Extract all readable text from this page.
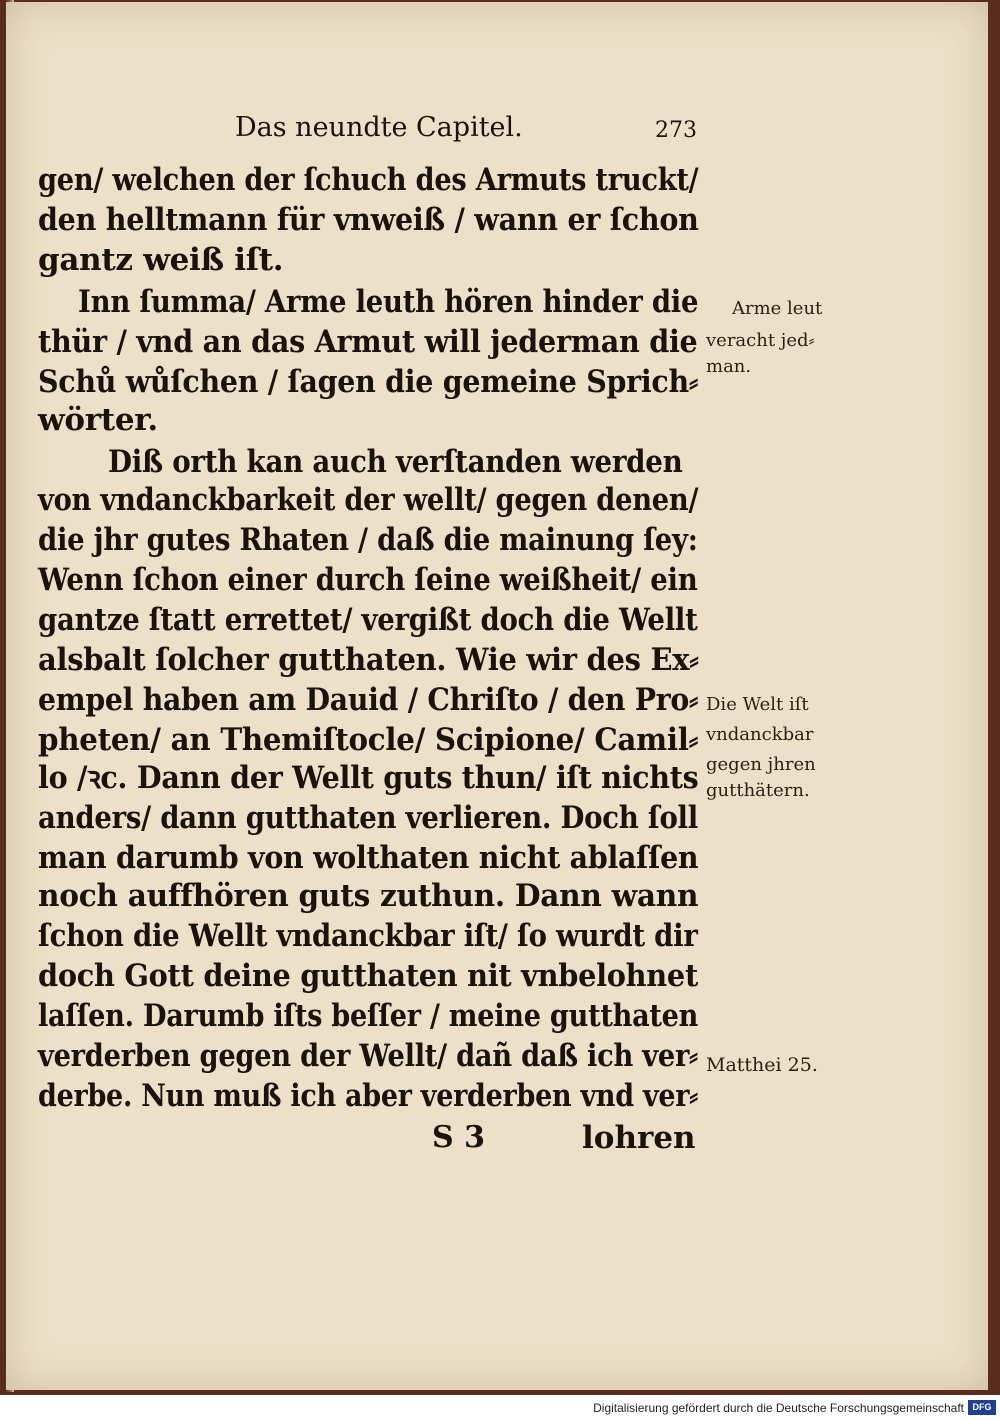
Das neundte Capitel.	273
gen/ welchen der ſchuch des Armuts truckt/
den helltmann für vnweiß / wann er ſchon
gantz weiß iſt.
Inn ſumma/ Arme leuth hören hinder die
thür / vnd an das Armut will jederman die
Schů wůſchen / ſagen die gemeine Sprich⸗
wörter.
Diß orth kan auch verſtanden werden
von vndanckbarkeit der wellt/ gegen denen/
die jhr gutes Rhaten / daß die mainung ſey:
Wenn ſchon einer durch ſeine weißheit/ ein
gantze ſtatt errettet/ vergißt doch die Wellt
alsbalt ſolcher gutthaten. Wie wir des Ex⸗
empel haben am Dauid / Chriſto / den Pro⸗
pheten/ an Themiſtocle/ Scipione/ Camil⸗
lo /ꝛc. Dann der Wellt guts thun/ iſt nichts
anders/ dann gutthaten verlieren. Doch ſoll
man darumb von wolthaten nicht ablaſſen
noch auffhören guts zuthun. Dann wann
ſchon die Wellt vndanckbar iſt/ ſo wurdt dir
doch Gott deine gutthaten nit vnbelohnet
laſſen. Darumb iſts beſſer / meine gutthaten
verderben gegen der Wellt/ dañ daß ich ver⸗
derbe. Nun muß ich aber verderben vnd ver⸗
Arme leut
veracht jed⸗
man.
Die Welt iſt
vndanckbar
gegen jhren
gutthätern.
Matthei 25.
S 3	lohren
Digitalisierung gefördert durch die Deutsche Forschungsgemeinschaft DFG
